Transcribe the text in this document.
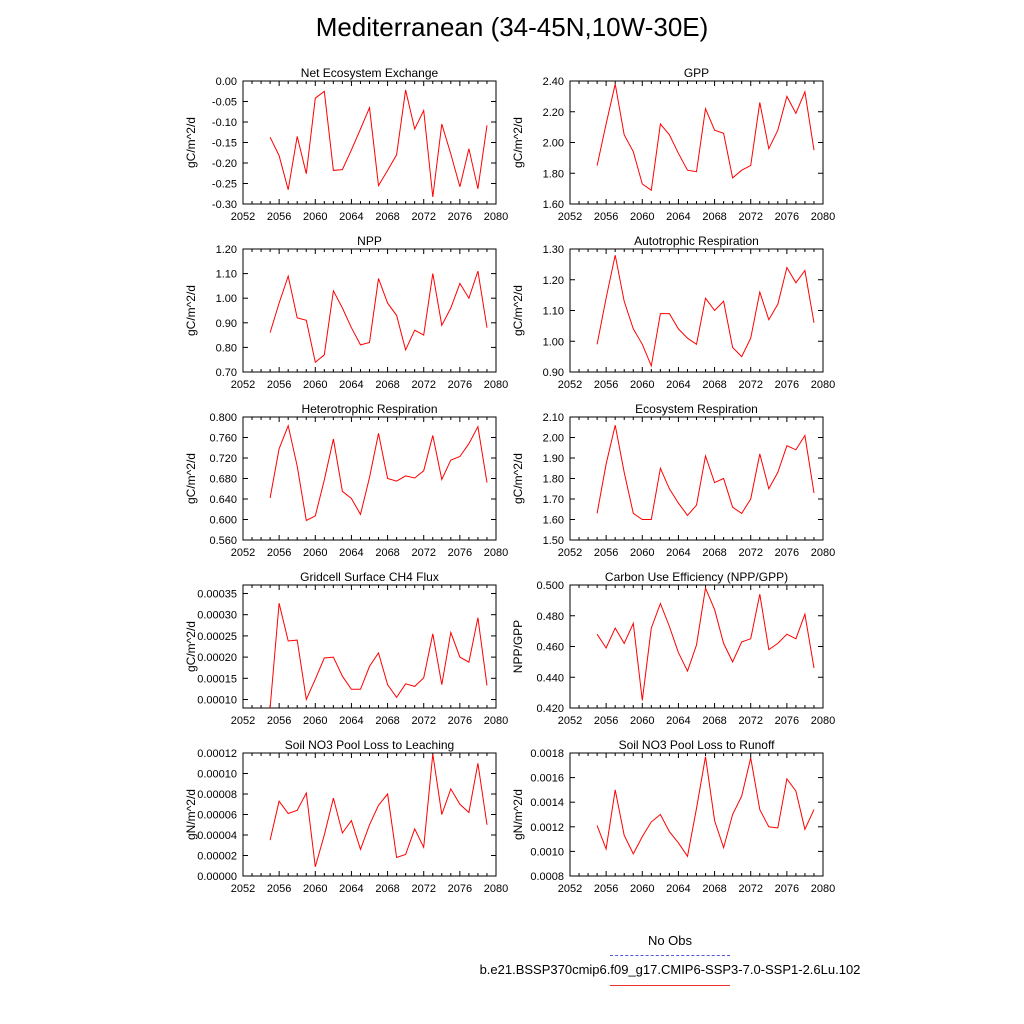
Mediterranean (34-45N,10W-30E)
Net Ecosystem Exchange
2052 2056 2060 2064 2068 2072 2076 2080
0.00
-0.05
-0.10
-0.15
-0.20
-0.25
-0.30
gC/m^2/d
GPP
2052 2056 2060 2064 2068 2072 2076 2080
2.40
2.20
2.00
1.80
1.60
gC/m^2/d
NPP
2052 2056 2060 2064 2068 2072 2076 2080
1.20
1.10
1.00
0.90
0.80
0.70
gC/m^2/d
Autotrophic Respiration
2052 2056 2060 2064 2068 2072 2076 2080
1.30
1.20
1.10
1.00
0.90
gC/m^2/d
Heterotrophic Respiration
2052 2056 2060 2064 2068 2072 2076 2080
0.800
0.760
0.720
0.680
0.640
0.600
0.560
gC/m^2/d
Ecosystem Respiration
2052 2056 2060 2064 2068 2072 2076 2080
2.10
2.00
1.90
1.80
1.70
1.60
1.50
gC/m^2/d
Gridcell Surface CH4 Flux
2052 2056 2060 2064 2068 2072 2076 2080
0.00035
0.00030
0.00025
0.00020
0.00015
0.00010
gC/m^2/d
Carbon Use Efficiency (NPP/GPP)
2052 2056 2060 2064 2068 2072 2076 2080
0.500
0.480
0.460
0.440
0.420
NPP/GPP
Soil NO3 Pool Loss to Leaching
2052 2056 2060 2064 2068 2072 2076 2080
0.00012
0.00010
0.00008
0.00006
0.00004
0.00002
0.00000
gN/m^2/d
Soil NO3 Pool Loss to Runoff
2052 2056 2060 2064 2068 2072 2076 2080
0.0018
0.0016
0.0014
0.0012
0.0010
0.0008
gN/m^2/d
No Obs
b.e21.BSSP370cmip6.f09_g17.CMIP6-SSP3-7.0-SSP1-2.6Lu.102
